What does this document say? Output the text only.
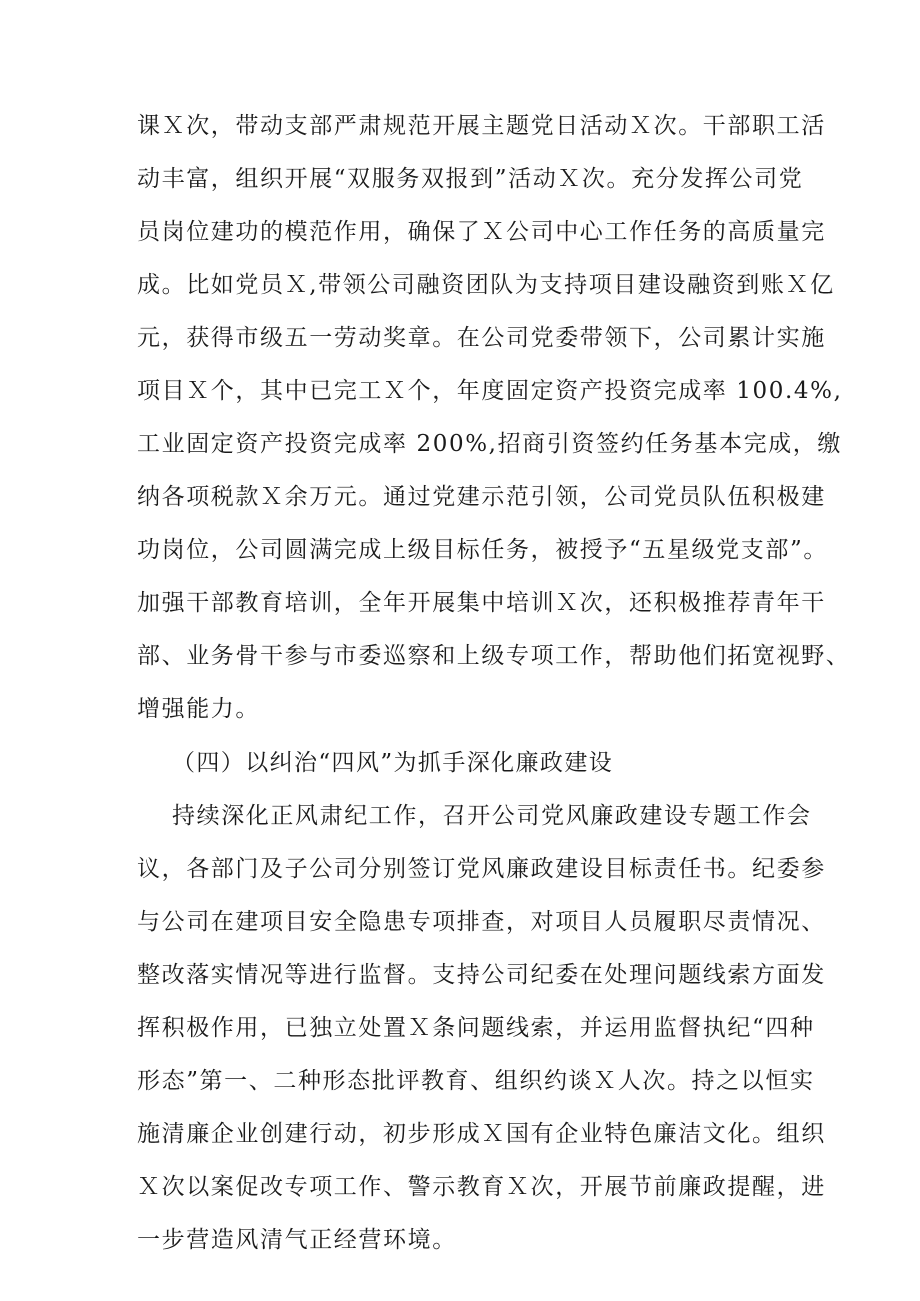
课Ｘ次，带动支部严肃规范开展主题党日活动Ｘ次。干部职工活
动丰富，组织开展“双服务双报到”活动Ｘ次。充分发挥公司党
员岗位建功的模范作用，确保了Ｘ公司中心工作任务的高质量完
成。比如党员Ｘ,带领公司融资团队为支持项目建设融资到账Ｘ亿
元，获得市级五一劳动奖章。在公司党委带领下，公司累计实施
项目Ｘ个，其中已完工Ｘ个，年度固定资产投资完成率 100.4%,
工业固定资产投资完成率 200%,招商引资签约任务基本完成，缴
纳各项税款Ｘ余万元。通过党建示范引领，公司党员队伍积极建
功岗位，公司圆满完成上级目标任务，被授予“五星级党支部”。
加强干部教育培训，全年开展集中培训Ｘ次，还积极推荐青年干
部、业务骨干参与市委巡察和上级专项工作，帮助他们拓宽视野、
增强能力。
（四）以纠治“四风”为抓手深化廉政建设
持续深化正风肃纪工作，召开公司党风廉政建设专题工作会
议，各部门及子公司分别签订党风廉政建设目标责任书。纪委参
与公司在建项目安全隐患专项排查，对项目人员履职尽责情况、
整改落实情况等进行监督。支持公司纪委在处理问题线索方面发
挥积极作用，已独立处置Ｘ条问题线索，并运用监督执纪“四种
形态”第一、二种形态批评教育、组织约谈Ｘ人次。持之以恒实
施清廉企业创建行动，初步形成Ｘ国有企业特色廉洁文化。组织
Ｘ次以案促改专项工作、警示教育Ｘ次，开展节前廉政提醒，进
一步营造风清气正经营环境。
